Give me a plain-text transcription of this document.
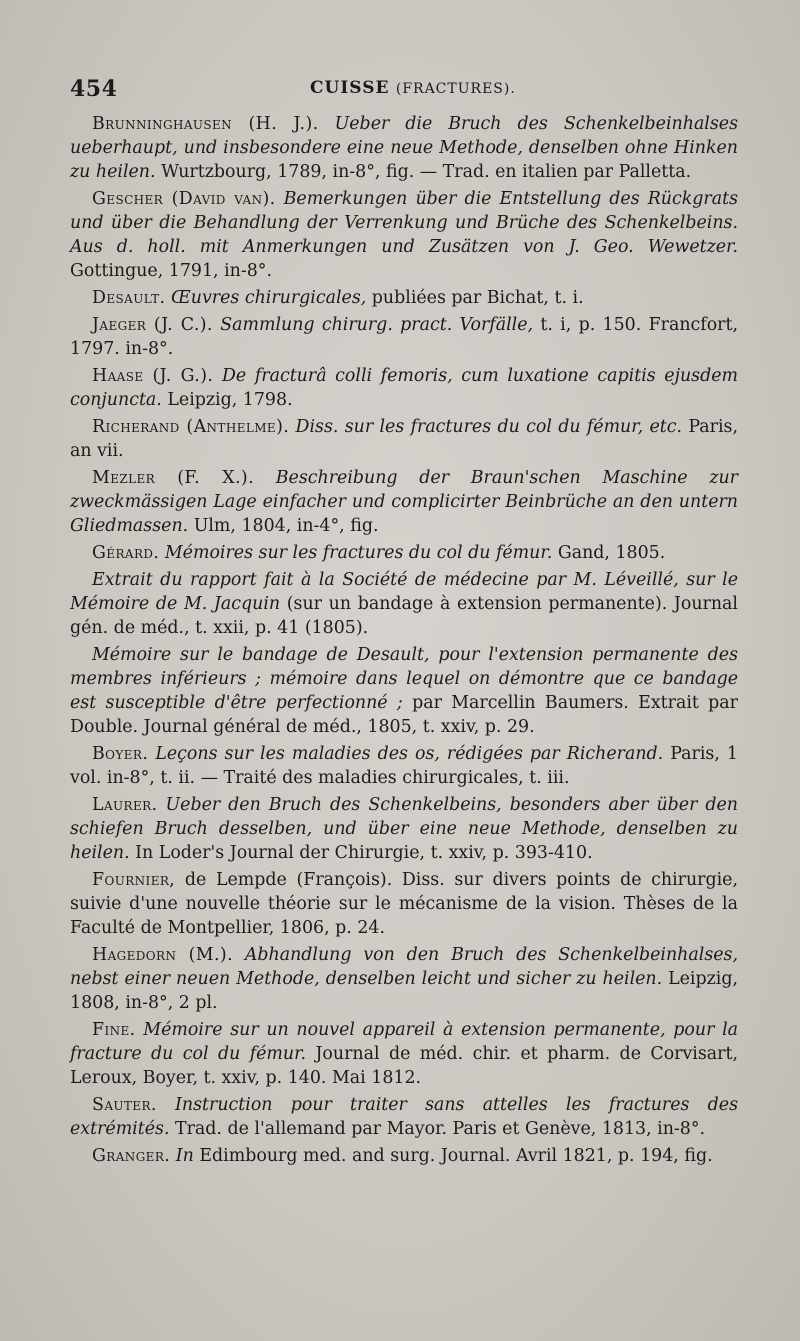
454	CUISSE (FRACTURES).

Brunninghausen (H. J.). Ueber die Bruch des Schenkelbeinhalses ueberhaupt, und insbesondere eine neue Methode, denselben ohne Hinken zu heilen. Wurtzbourg, 1789, in-8°, fig. — Trad. en italien par Palletta.

Gescher (David van). Bemerkungen über die Entstellung des Rückgrats und über die Behandlung der Verrenkung und Brüche des Schenkelbeins. Aus d. holl. mit Anmerkungen und Zusätzen von J. Geo. Wewetzer. Gottingue, 1791, in-8°.

Desault. Œuvres chirurgicales, publiées par Bichat, t. i.

Jaeger (J. C.). Sammlung chirurg. pract. Vorfälle, t. i, p. 150. Francfort, 1797. in-8°.

Haase (J. G.). De fracturâ colli femoris, cum luxatione capitis ejusdem conjuncta. Leipzig, 1798.

Richerand (Anthelme). Diss. sur les fractures du col du fémur, etc. Paris, an vii.

Mezler (F. X.). Beschreibung der Braun'schen Maschine zur zweckmässigen Lage einfacher und complicirter Beinbrüche an den untern Gliedmassen. Ulm, 1804, in-4°, fig.

Gérard. Mémoires sur les fractures du col du fémur. Gand, 1805.

Extrait du rapport fait à la Société de médecine par M. Léveillé, sur le Mémoire de M. Jacquin (sur un bandage à extension permanente). Journal gén. de méd., t. xxii, p. 41 (1805).

Mémoire sur le bandage de Desault, pour l'extension permanente des membres inférieurs ; mémoire dans lequel on démontre que ce bandage est susceptible d'être perfectionné ; par Marcellin Baumers. Extrait par Double. Journal général de méd., 1805, t. xxiv, p. 29.

Boyer. Leçons sur les maladies des os, rédigées par Richerand. Paris, 1 vol. in-8°, t. ii. — Traité des maladies chirurgicales, t. iii.

Laurer. Ueber den Bruch des Schenkelbeins, besonders aber über den schiefen Bruch desselben, und über eine neue Methode, denselben zu heilen. In Loder's Journal der Chirurgie, t. xxiv, p. 393-410.

Fournier, de Lempde (François). Diss. sur divers points de chirurgie, suivie d'une nouvelle théorie sur le mécanisme de la vision. Thèses de la Faculté de Montpellier, 1806, p. 24.

Hagedorn (M.). Abhandlung von den Bruch des Schenkelbeinhalses, nebst einer neuen Methode, denselben leicht und sicher zu heilen. Leipzig, 1808, in-8°, 2 pl.

Fine. Mémoire sur un nouvel appareil à extension permanente, pour la fracture du col du fémur. Journal de méd. chir. et pharm. de Corvisart, Leroux, Boyer, t. xxiv, p. 140. Mai 1812.

Sauter. Instruction pour traiter sans attelles les fractures des extrémités. Trad. de l'allemand par Mayor. Paris et Genève, 1813, in-8°.

Granger. In Edimbourg med. and surg. Journal. Avril 1821, p. 194, fig.
